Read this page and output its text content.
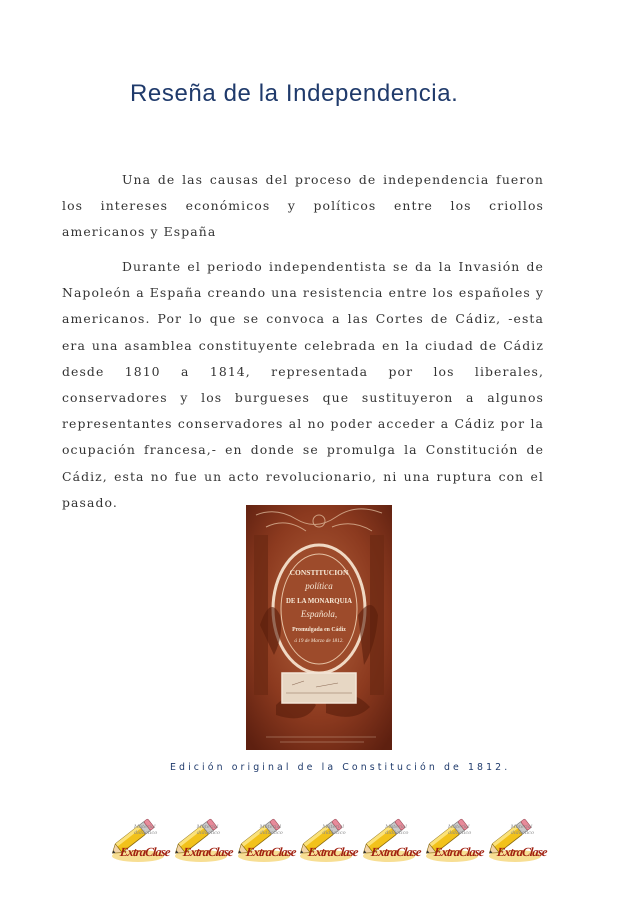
Reseña de la Independencia.

Una de las causas del proceso de independencia fueron los intereses económicos y políticos entre los criollos americanos y España

Durante el periodo independentista se da la Invasión de Napoleón a España creando una resistencia entre los españoles y americanos. Por lo que se convoca a las Cortes de Cádiz, -esta era una asamblea constituyente celebrada en la ciudad de Cádiz desde 1810 a 1814, representada por los liberales, conservadores y los burgueses que sustituyeron a algunos representantes conservadores al no poder acceder a Cádiz por la ocupación francesa,- en donde se promulga la Constitución de Cádiz, esta no fue un acto revolucionario, ni una ruptura con el pasado.

CONSTITUCION
política
DE LA MONARQUIA
Española,
Promulgada en Cádiz
á 19 de Marzo de 1812.
Edición original de la Constitución de 1812.
Material didáctico
ExtraClase
Material didáctico
ExtraClase
Material didáctico
ExtraClase
Material didáctico
ExtraClase
Material didáctico
ExtraClase
Material didáctico
ExtraClase
Material didáctico
ExtraClase
